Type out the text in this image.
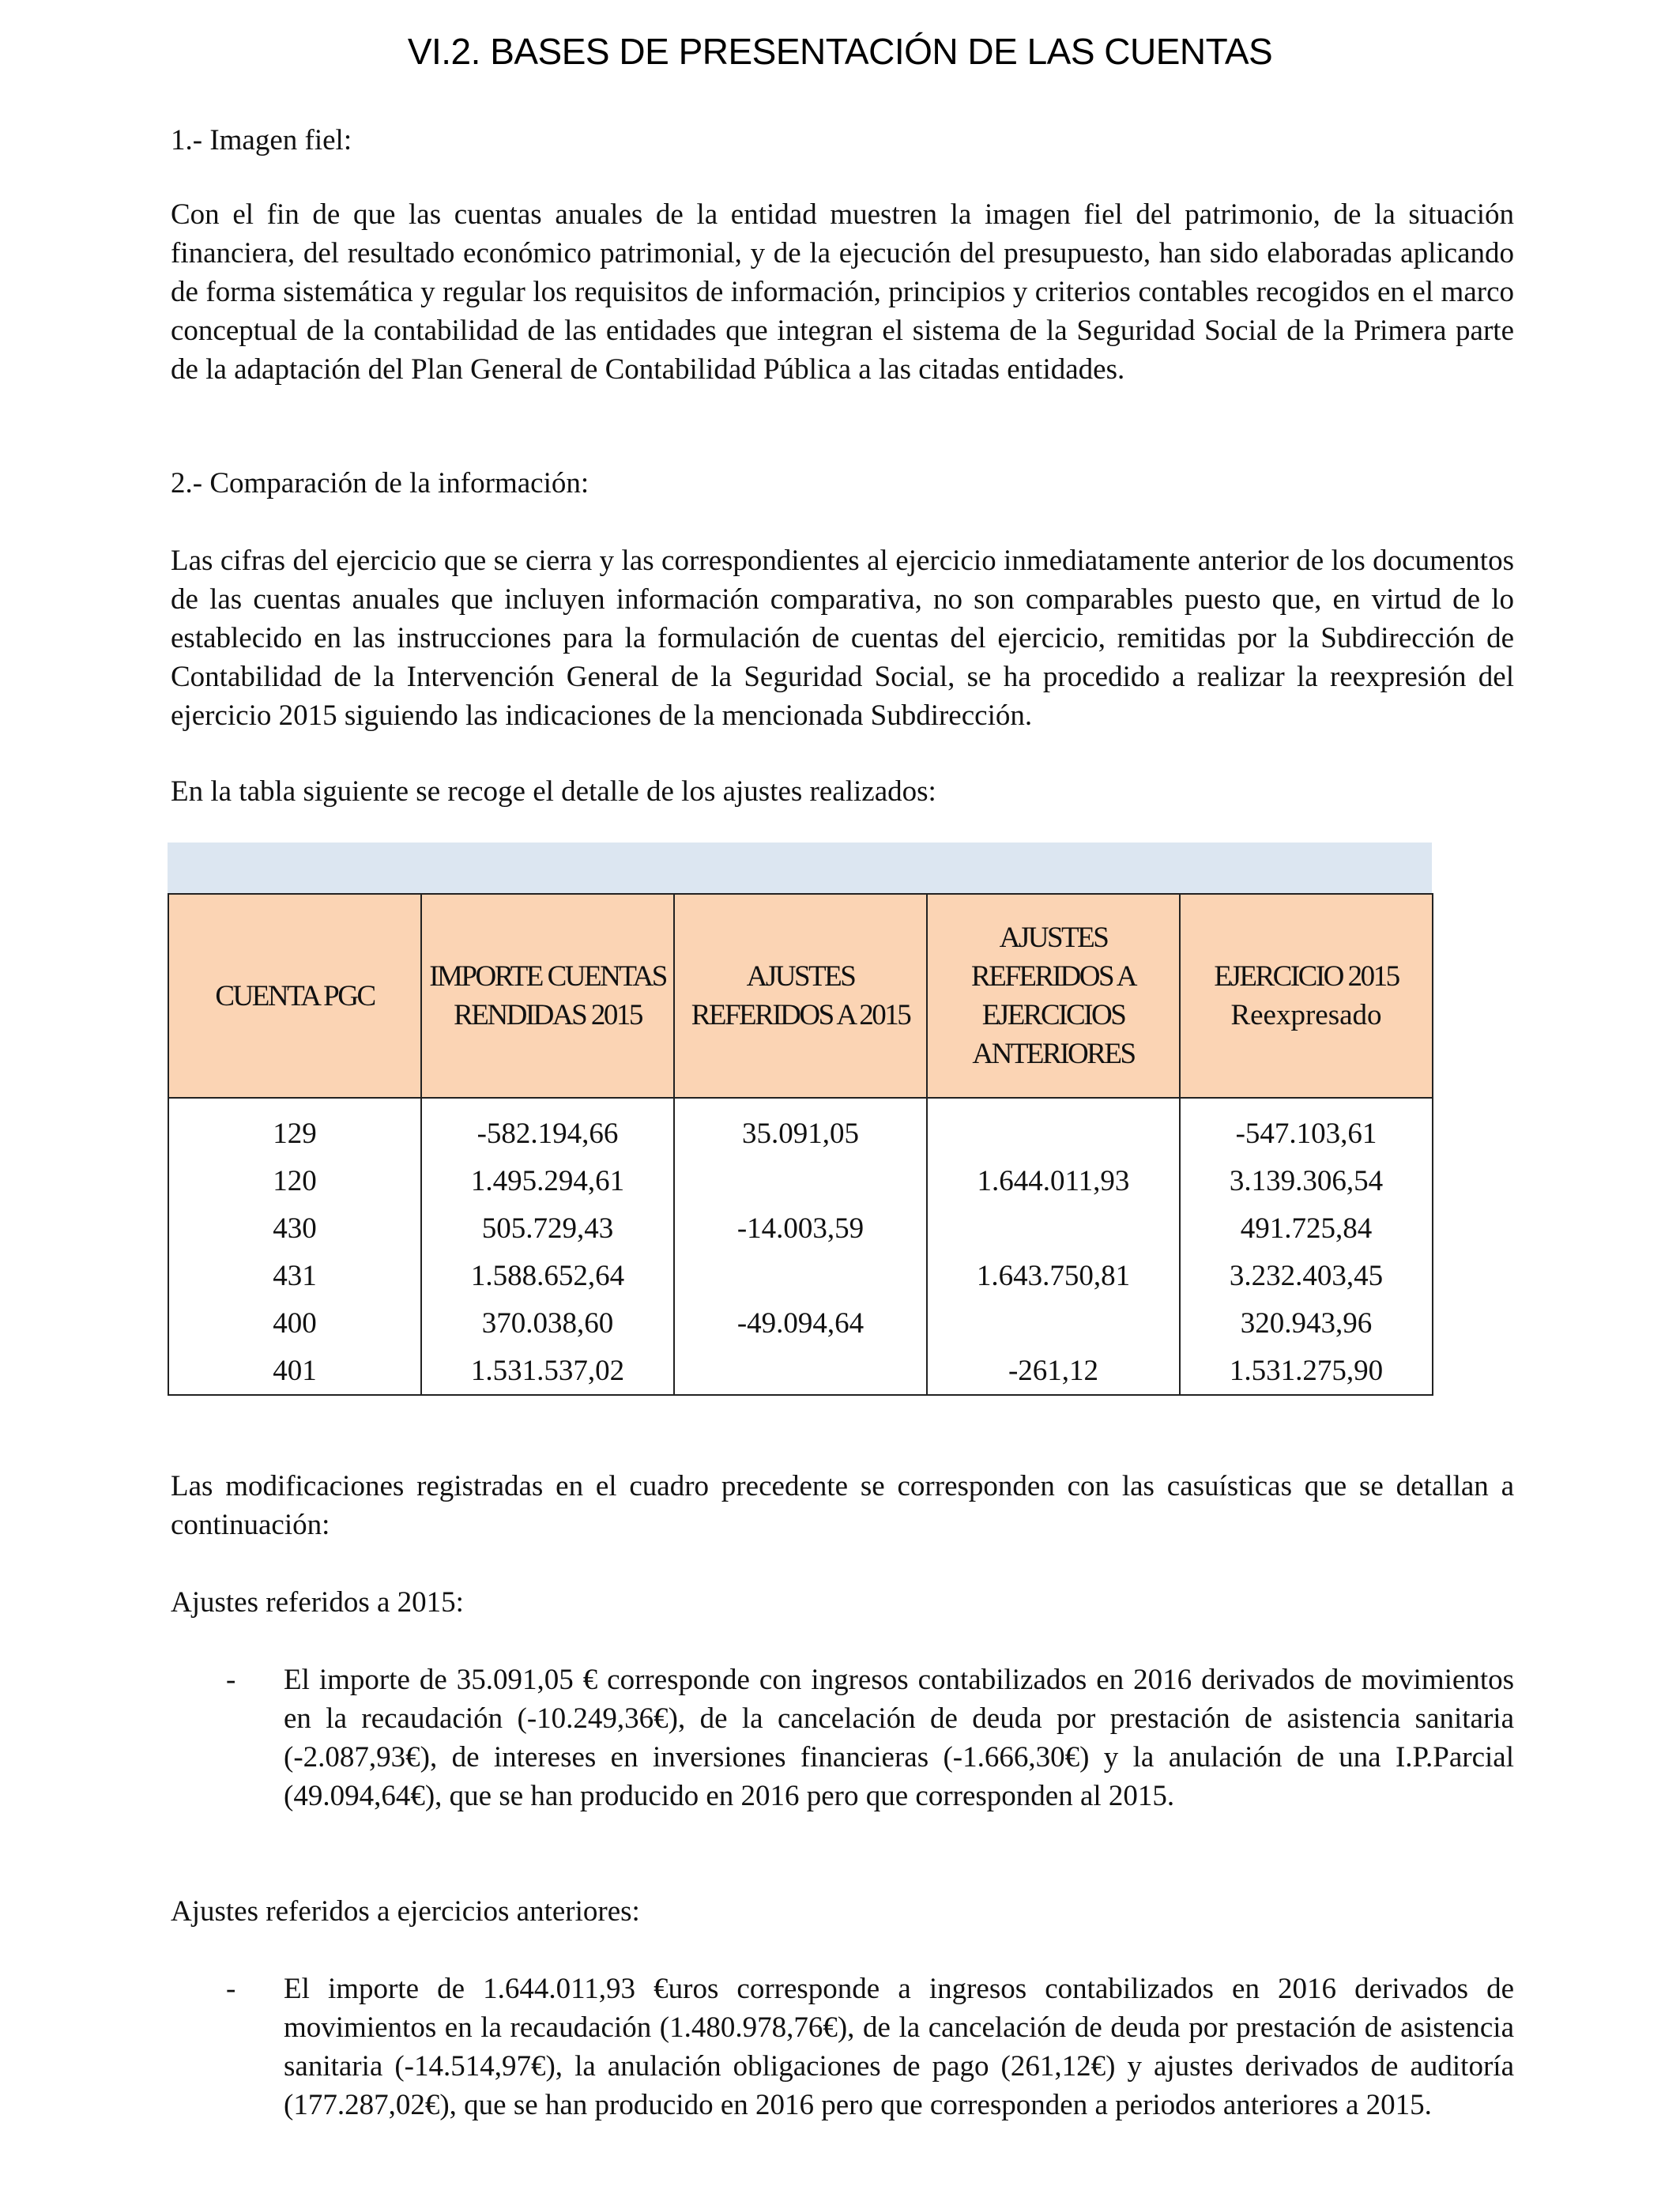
VI.2. BASES DE PRESENTACIÓN DE LAS CUENTAS

1.- Imagen fiel:

Con el fin de que las cuentas anuales de la entidad muestren la imagen fiel del patrimonio, de la situación financiera, del resultado económico patrimonial, y de la ejecución del presupuesto, han sido elaboradas aplicando de forma sistemática y regular los requisitos de información, principios y criterios contables recogidos en el marco conceptual de la contabilidad de las entidades que integran el sistema de la Seguridad Social de la Primera parte de la adaptación del Plan General de Contabilidad Pública a las citadas entidades.

2.- Comparación de la información:

Las cifras del ejercicio que se cierra y las correspondientes al ejercicio inmediatamente anterior de los documentos de las cuentas anuales que incluyen información comparativa, no son comparables puesto que, en virtud de lo establecido en las instrucciones para la formulación de cuentas del ejercicio, remitidas por la Subdirección de Contabilidad de la Intervención General de la Seguridad Social, se ha procedido a realizar la reexpresión del ejercicio 2015 siguiendo las indicaciones de la mencionada Subdirección.

En la tabla siguiente se recoge el detalle de los ajustes realizados:

CUENTA PGC	IMPORTE CUENTAS RENDIDAS 2015	AJUSTES REFERIDOS A 2015	AJUSTES REFERIDOS A EJERCICIOS ANTERIORES	EJERCICIO 2015
Reexpresado
129	-582.194,66	35.091,05		-547.103,61
120	1.495.294,61		1.644.011,93	3.139.306,54
430	505.729,43	-14.003,59		491.725,84
431	1.588.652,64		1.643.750,81	3.232.403,45
400	370.038,60	-49.094,64		320.943,96
401	1.531.537,02		-261,12	1.531.275,90

Las modificaciones registradas en el cuadro precedente se corresponden con las casuísticas que se detallan a continuación:

Ajustes referidos a 2015:

- El importe de 35.091,05 € corresponde con ingresos contabilizados en 2016 derivados de movimientos en la recaudación (-10.249,36€), de la cancelación de deuda por prestación de asistencia sanitaria (-2.087,93€), de intereses en inversiones financieras (-1.666,30€) y la anulación de una I.P.Parcial (49.094,64€), que se han producido en 2016 pero que corresponden al 2015.

Ajustes referidos a ejercicios anteriores:

- El importe de 1.644.011,93 €uros corresponde a ingresos contabilizados en 2016 derivados de movimientos en la recaudación (1.480.978,76€), de la cancelación de deuda por prestación de asistencia sanitaria (-14.514,97€), la anulación obligaciones de pago (261,12€) y ajustes derivados de auditoría (177.287,02€), que se han producido en 2016 pero que corresponden a periodos anteriores a 2015.
